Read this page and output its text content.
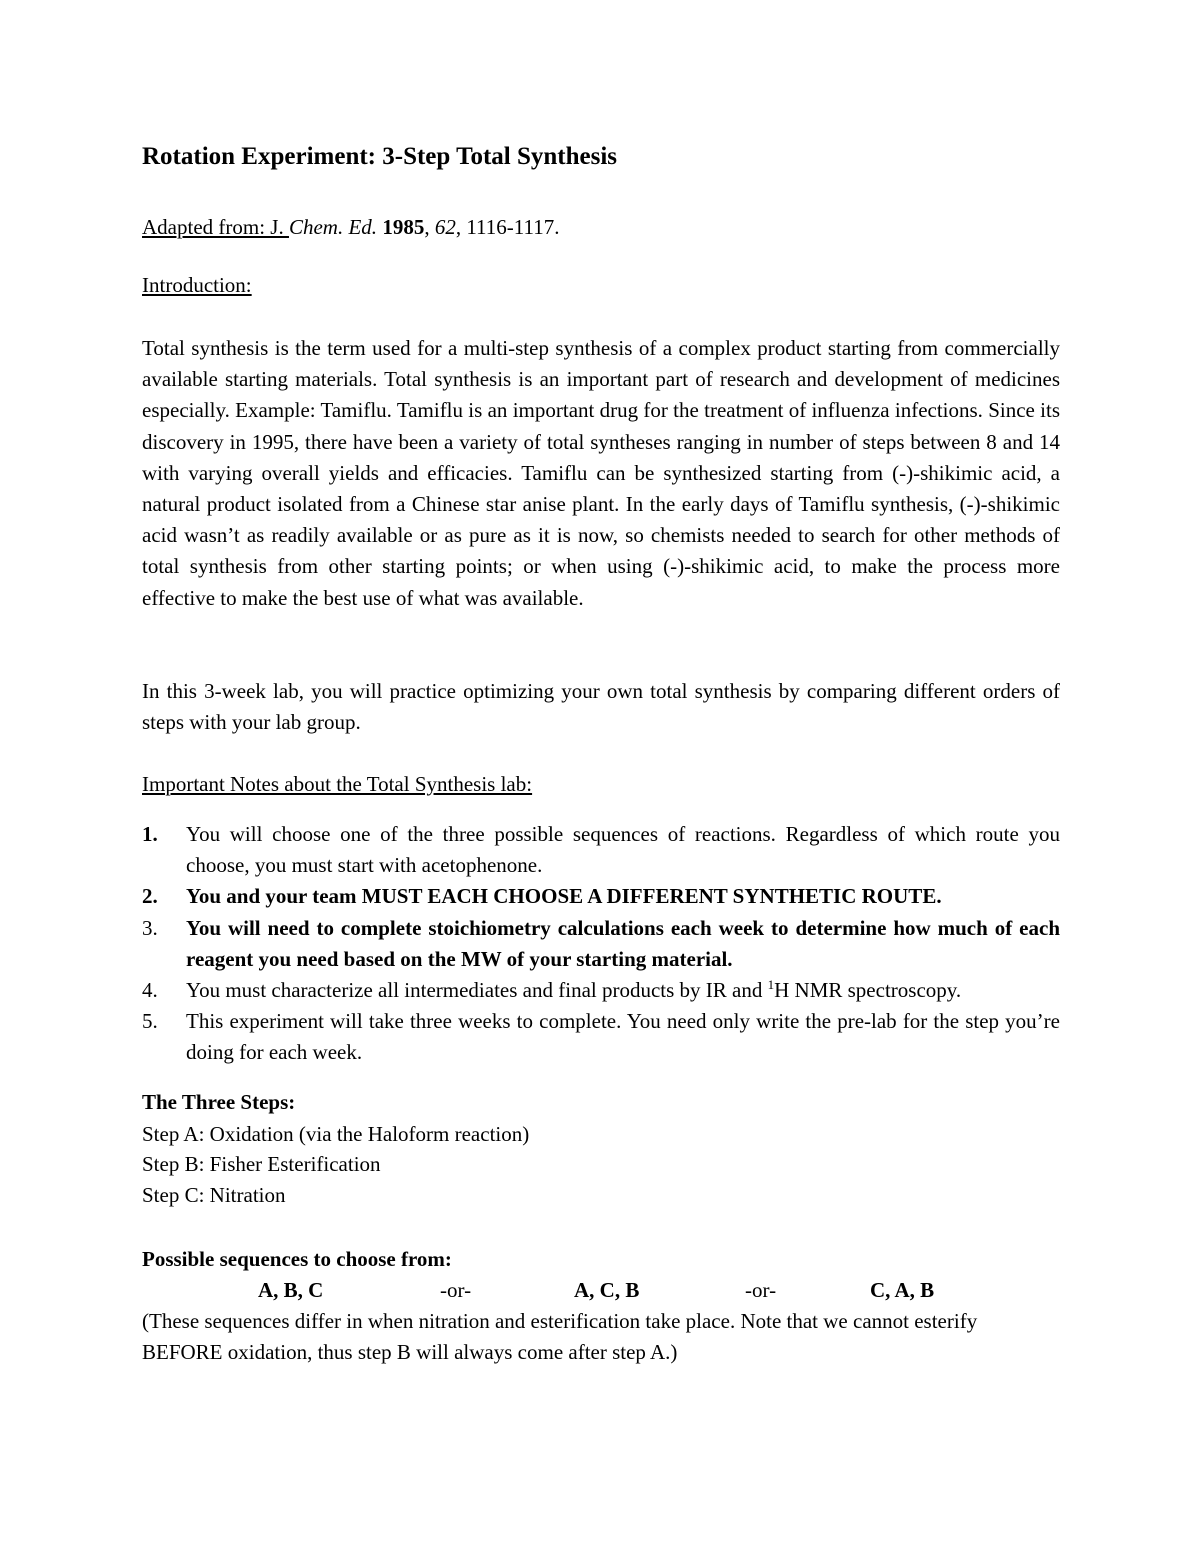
Rotation Experiment: 3-Step Total Synthesis
Adapted from: J. Chem. Ed. 1985, 62, 1116-1117.
Introduction:
Total synthesis is the term used for a multi-step synthesis of a complex product starting from commercially available starting materials. Total synthesis is an important part of research and development of medicines especially. Example: Tamiflu. Tamiflu is an important drug for the treatment of influenza infections. Since its discovery in 1995, there have been a variety of total syntheses ranging in number of steps between 8 and 14 with varying overall yields and efficacies. Tamiflu can be synthesized starting from (-)-shikimic acid, a natural product isolated from a Chinese star anise plant. In the early days of Tamiflu synthesis, (-)-shikimic acid wasn’t as readily available or as pure as it is now, so chemists needed to search for other methods of total synthesis from other starting points; or when using (-)-shikimic acid, to make the process more effective to make the best use of what was available.
In this 3-week lab, you will practice optimizing your own total synthesis by comparing different orders of steps with your lab group.
Important Notes about the Total Synthesis lab:
1. You will choose one of the three possible sequences of reactions. Regardless of which route you choose, you must start with acetophenone.
2. You and your team MUST EACH CHOOSE A DIFFERENT SYNTHETIC ROUTE.
3. You will need to complete stoichiometry calculations each week to determine how much of each reagent you need based on the MW of your starting material.
4. You must characterize all intermediates and final products by IR and $^1$H NMR spectroscopy.
5. This experiment will take three weeks to complete. You need only write the pre-lab for the step you’re doing for each week.
The Three Steps:
Step A: Oxidation (via the Haloform reaction)
Step B: Fisher Esterification
Step C: Nitration
Possible sequences to choose from:
A, B, C	-or-	A, C, B	-or-	C, A, B
(These sequences differ in when nitration and esterification take place. Note that we cannot esterify BEFORE oxidation, thus step B will always come after step A.)
